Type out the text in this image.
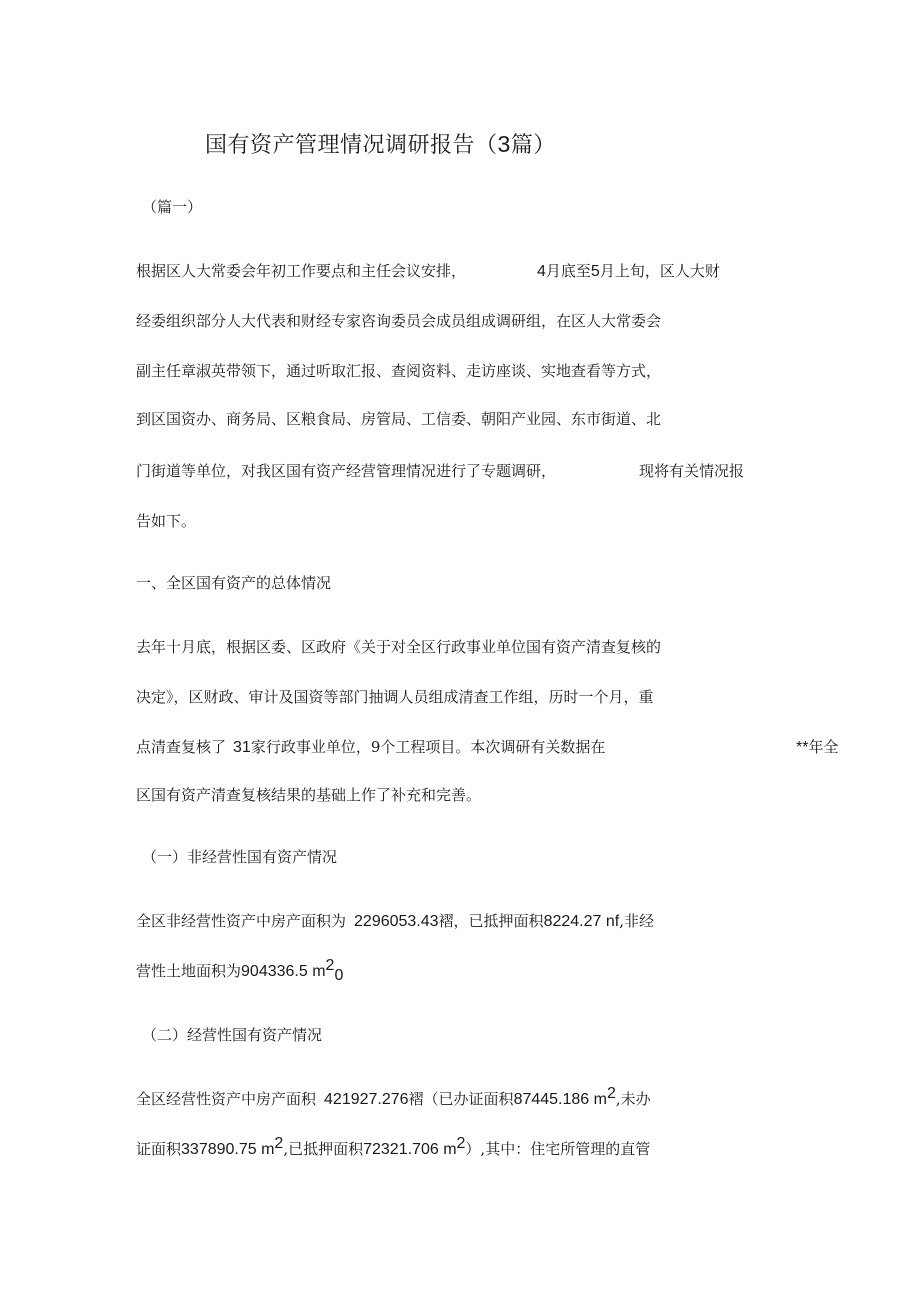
国有资产管理情况调研报告（3篇）
（篇一）
根据区人大常委会年初工作要点和主任会议安排，	4月底至5月上旬，区人大财
经委组织部分人大代表和财经专家咨询委员会成员组成调研组，在区人大常委会
副主任章淑英带领下，通过听取汇报、查阅资料、走访座谈、实地查看等方式，
到区国资办、商务局、区粮食局、房管局、工信委、朝阳产业园、东市街道、北
门街道等单位，对我区国有资产经营管理情况进行了专题调研，	现将有关情况报
告如下。
一、全区国有资产的总体情况
去年十月底，根据区委、区政府《关于对全区行政事业单位国有资产清查复核的
决定》，区财政、审计及国资等部门抽调人员组成清查工作组，历时一个月，重
点清查复核了 31家行政事业单位，9个工程项目。本次调研有关数据在	**年全
区国有资产清查复核结果的基础上作了补充和完善。
（一）非经营性国有资产情况
全区非经营性资产中房产面积为 2296053.43褶，已抵押面积8224.27 nf,非经
营性土地面积为904336.5 $m^2_0$
（二）经营性国有资产情况
全区经营性资产中房产面积 421927.276褶（已办证面积87445.186 $m^2$,未办
证面积337890.75 $m^2$,已抵押面积72321.706 $m^2$）,其中：住宅所管理的直管
